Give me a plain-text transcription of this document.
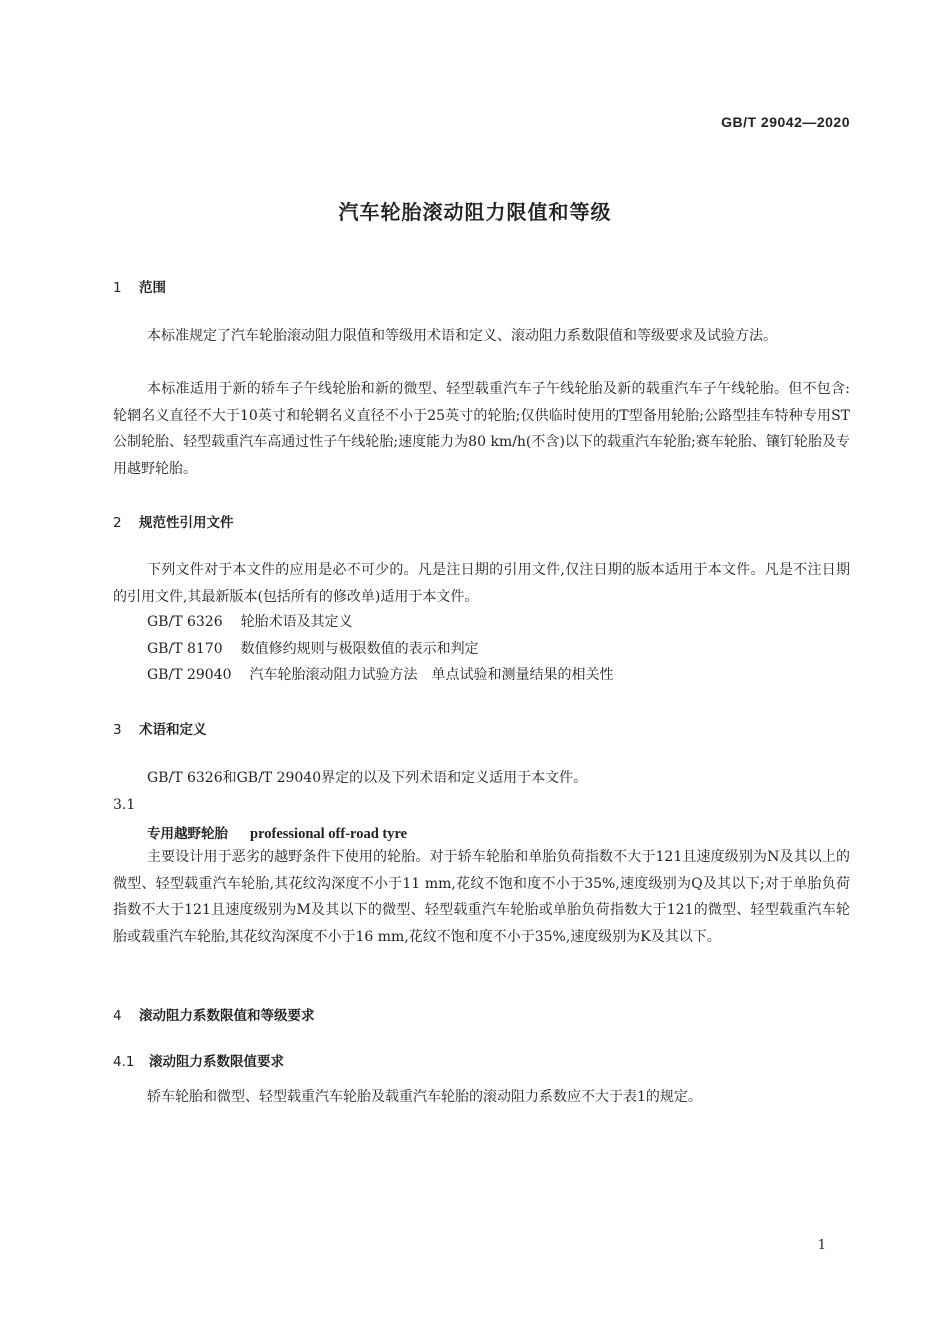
GB/T 29042—2020
汽车轮胎滚动阻力限值和等级
1 范围
本标准规定了汽车轮胎滚动阻力限值和等级用术语和定义、滚动阻力系数限值和等级要求及试验方法。
本标准适用于新的轿车子午线轮胎和新的微型、轻型载重汽车子午线轮胎及新的载重汽车子午线轮胎。但不包含:轮辋名义直径不大于10英寸和轮辋名义直径不小于25英寸的轮胎;仅供临时使用的T型备用轮胎;公路型挂车特种专用ST公制轮胎、轻型载重汽车高通过性子午线轮胎;速度能力为80 km/h(不含)以下的载重汽车轮胎;赛车轮胎、镶钉轮胎及专用越野轮胎。
2 规范性引用文件
下列文件对于本文件的应用是必不可少的。凡是注日期的引用文件,仅注日期的版本适用于本文件。凡是不注日期的引用文件,其最新版本(包括所有的修改单)适用于本文件。
GB/T 6326 轮胎术语及其定义
GB/T 8170 数值修约规则与极限数值的表示和判定
GB/T 29040 汽车轮胎滚动阻力试验方法　单点试验和测量结果的相关性
3 术语和定义
GB/T 6326和GB/T 29040界定的以及下列术语和定义适用于本文件。
3.1
专用越野轮胎 professional off-road tyre
主要设计用于恶劣的越野条件下使用的轮胎。对于轿车轮胎和单胎负荷指数不大于121且速度级别为N及其以上的微型、轻型载重汽车轮胎,其花纹沟深度不小于11 mm,花纹不饱和度不小于35%,速度级别为Q及其以下;对于单胎负荷指数不大于121且速度级别为M及其以下的微型、轻型载重汽车轮胎或单胎负荷指数大于121的微型、轻型载重汽车轮胎或载重汽车轮胎,其花纹沟深度不小于16 mm,花纹不饱和度不小于35%,速度级别为K及其以下。
4 滚动阻力系数限值和等级要求
4.1 滚动阻力系数限值要求
轿车轮胎和微型、轻型载重汽车轮胎及载重汽车轮胎的滚动阻力系数应不大于表1的规定。
1
